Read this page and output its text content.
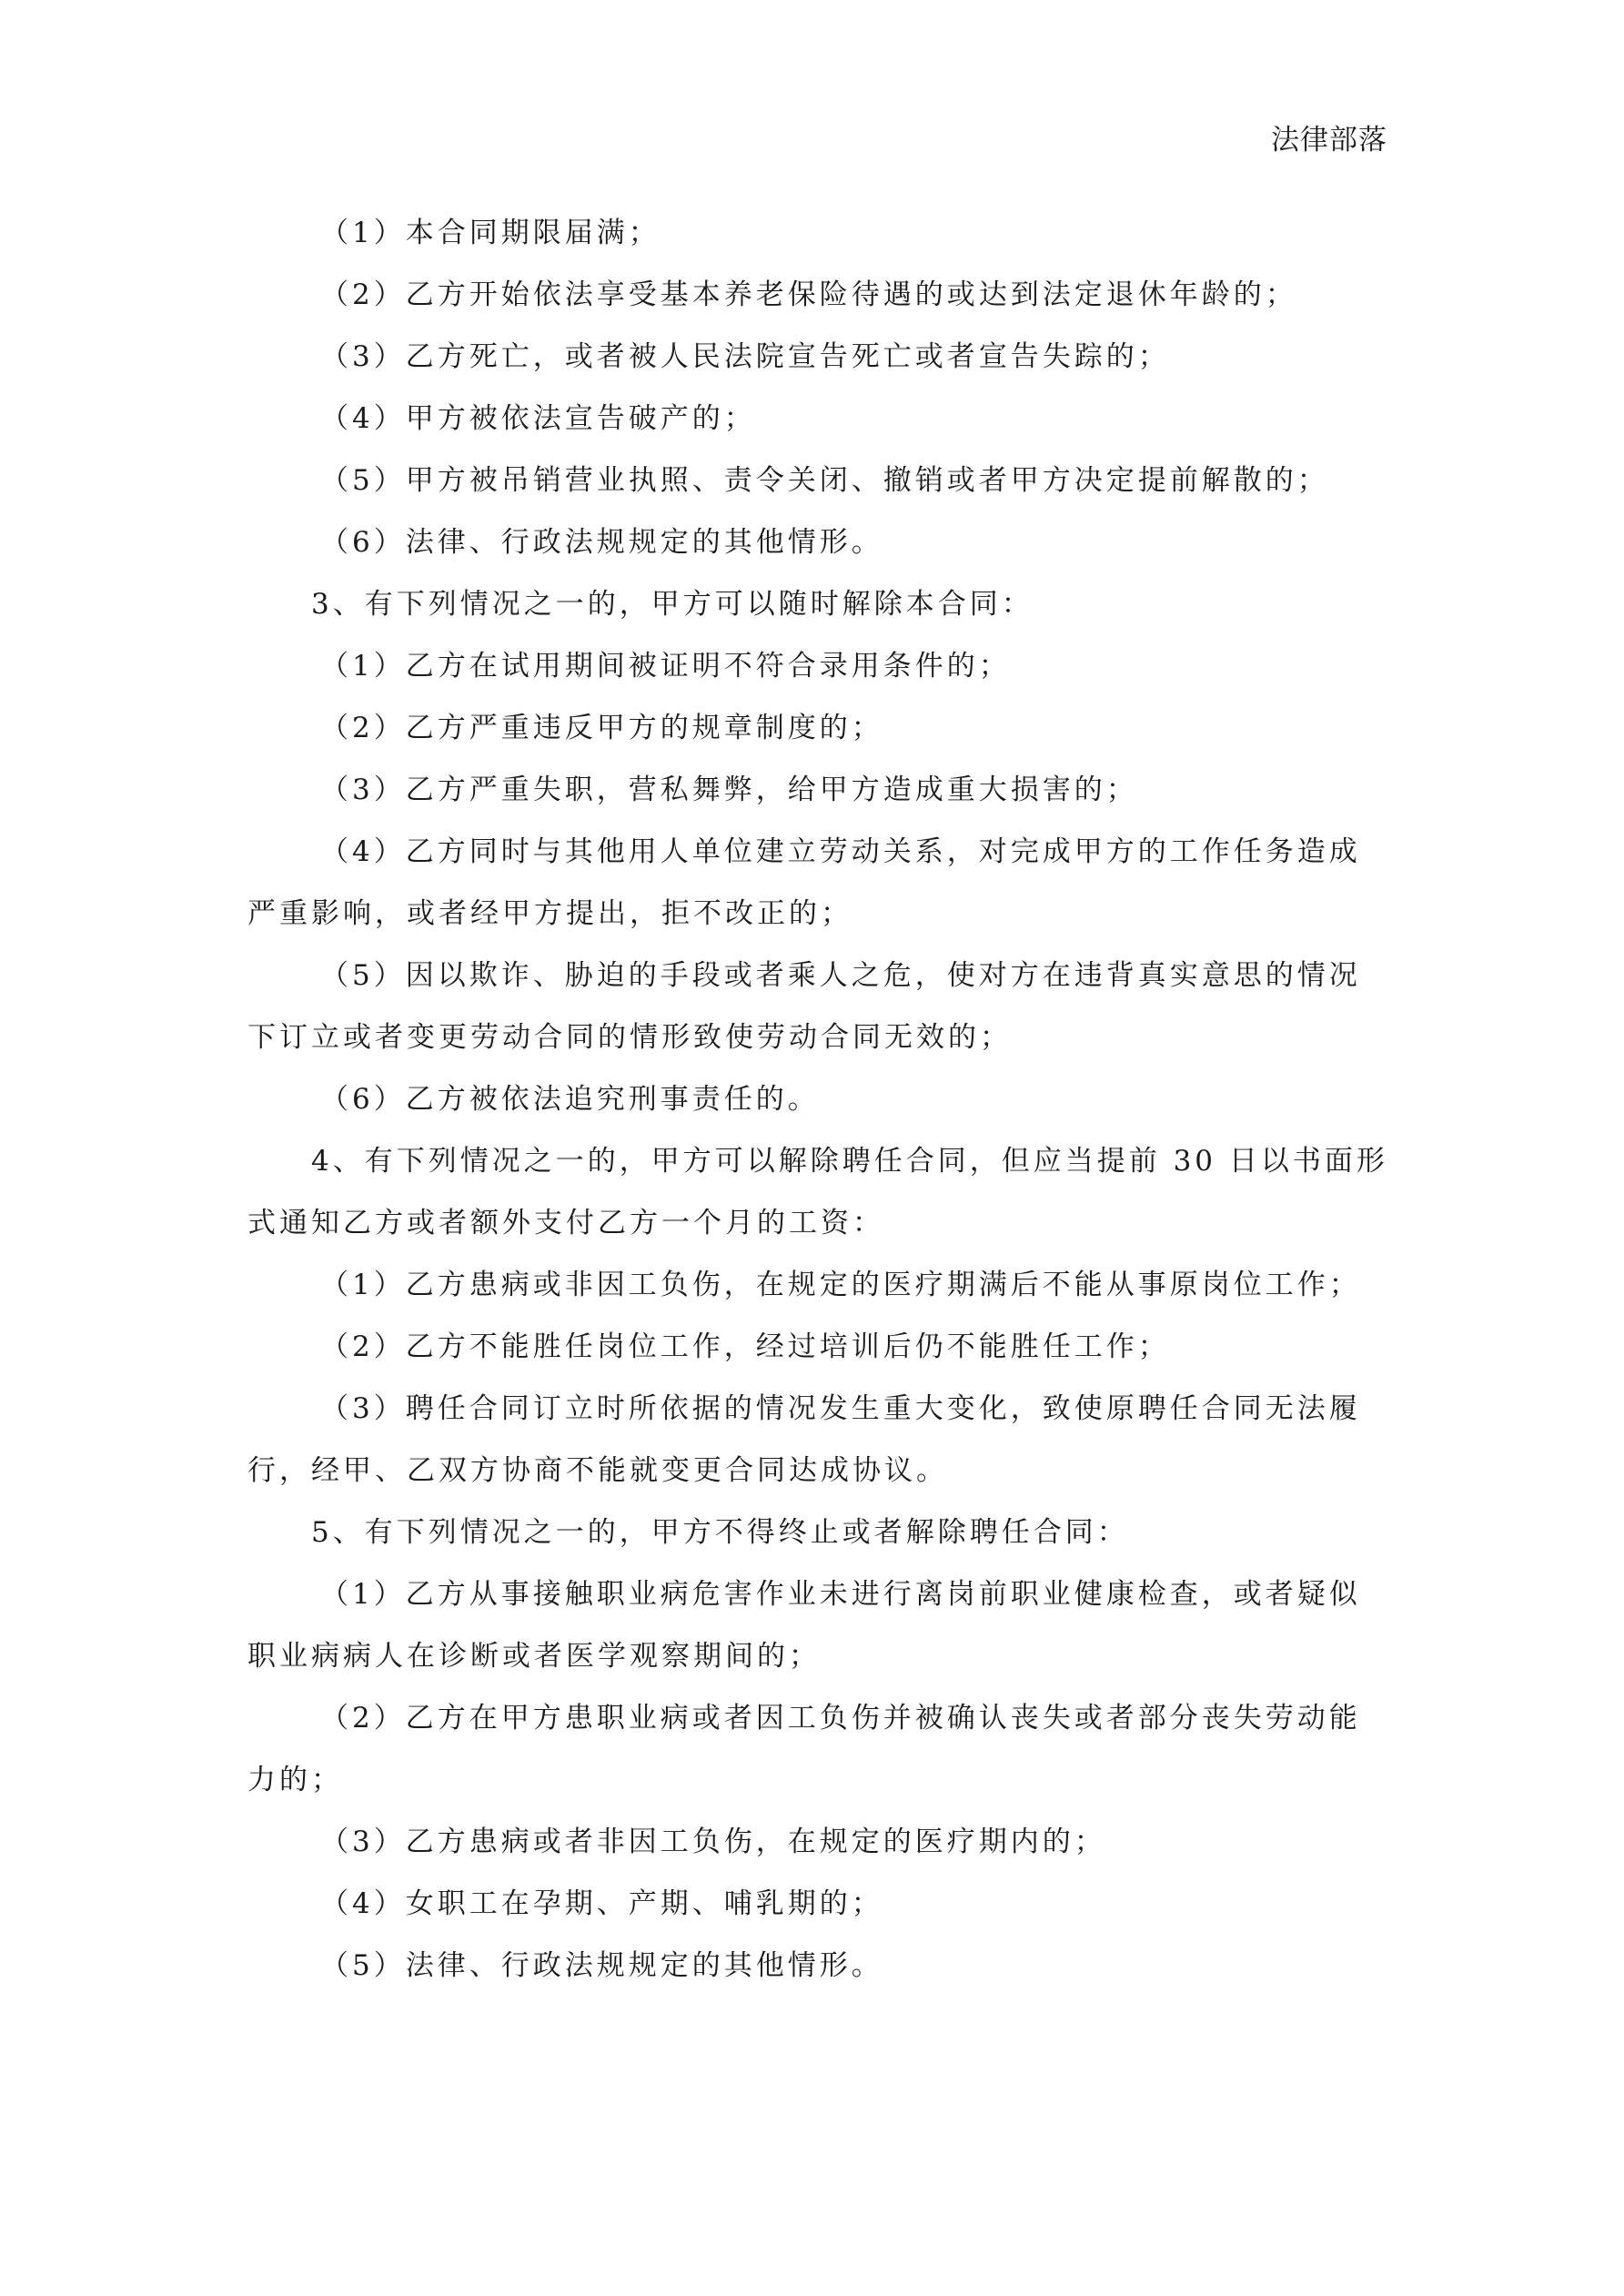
法律部落
（1）本合同期限届满；
（2）乙方开始依法享受基本养老保险待遇的或达到法定退休年龄的；
（3）乙方死亡，或者被人民法院宣告死亡或者宣告失踪的；
（4）甲方被依法宣告破产的；
（5）甲方被吊销营业执照、责令关闭、撤销或者甲方决定提前解散的；
（6）法律、行政法规规定的其他情形。
3、有下列情况之一的，甲方可以随时解除本合同：
（1）乙方在试用期间被证明不符合录用条件的；
（2）乙方严重违反甲方的规章制度的；
（3）乙方严重失职，营私舞弊，给甲方造成重大损害的；
（4）乙方同时与其他用人单位建立劳动关系，对完成甲方的工作任务造成
严重影响，或者经甲方提出，拒不改正的；
（5）因以欺诈、胁迫的手段或者乘人之危，使对方在违背真实意思的情况
下订立或者变更劳动合同的情形致使劳动合同无效的；
（6）乙方被依法追究刑事责任的。
4、有下列情况之一的，甲方可以解除聘任合同，但应当提前 30 日以书面形
式通知乙方或者额外支付乙方一个月的工资：
（1）乙方患病或非因工负伤，在规定的医疗期满后不能从事原岗位工作；
（2）乙方不能胜任岗位工作，经过培训后仍不能胜任工作；
（3）聘任合同订立时所依据的情况发生重大变化，致使原聘任合同无法履
行，经甲、乙双方协商不能就变更合同达成协议。
5、有下列情况之一的，甲方不得终止或者解除聘任合同：
（1）乙方从事接触职业病危害作业未进行离岗前职业健康检查，或者疑似
职业病病人在诊断或者医学观察期间的；
（2）乙方在甲方患职业病或者因工负伤并被确认丧失或者部分丧失劳动能
力的；
（3）乙方患病或者非因工负伤，在规定的医疗期内的；
（4）女职工在孕期、产期、哺乳期的；
（5）法律、行政法规规定的其他情形。
